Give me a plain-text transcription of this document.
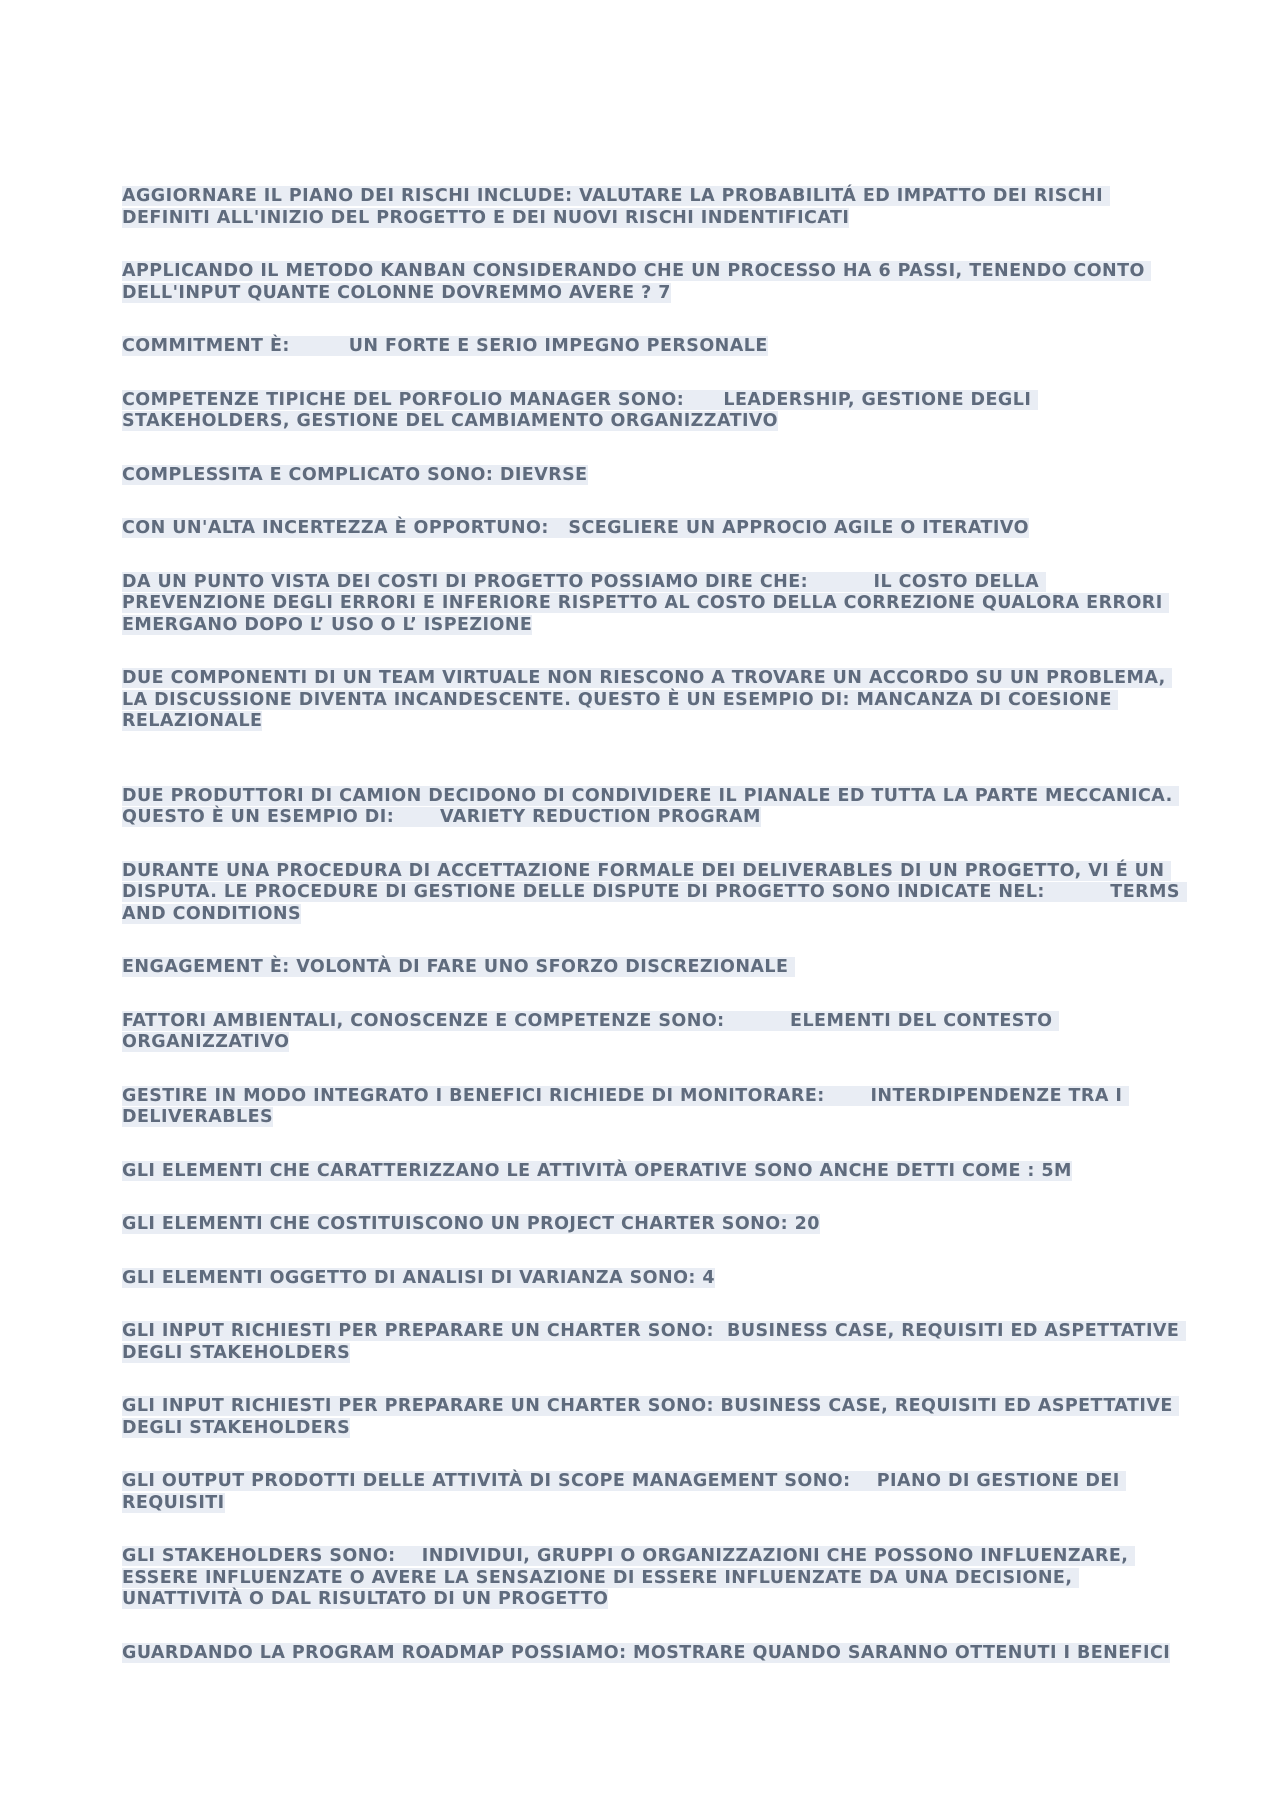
AGGIORNARE IL PIANO DEI RISCHI INCLUDE: VALUTARE LA PROBABILITÁ ED IMPATTO DEI RISCHI DEFINITI ALL'INIZIO DEL PROGETTO E DEI NUOVI RISCHI INDENTIFICATI

APPLICANDO IL METODO KANBAN CONSIDERANDO CHE UN PROCESSO HA 6 PASSI, TENENDO CONTO DELL'INPUT QUANTE COLONNE DOVREMMO AVERE ? 7

COMMITMENT È:         UN FORTE E SERIO IMPEGNO PERSONALE

COMPETENZE TIPICHE DEL PORFOLIO MANAGER SONO:      LEADERSHIP, GESTIONE DEGLI STAKEHOLDERS, GESTIONE DEL CAMBIAMENTO ORGANIZZATIVO

COMPLESSITA E COMPLICATO SONO: DIEVRSE

CON UN'ALTA INCERTEZZA È OPPORTUNO:   SCEGLIERE UN APPROCIO AGILE O ITERATIVO

DA UN PUNTO VISTA DEI COSTI DI PROGETTO POSSIAMO DIRE CHE:          IL COSTO DELLA PREVENZIONE DEGLI ERRORI E INFERIORE RISPETTO AL COSTO DELLA CORREZIONE QUALORA ERRORI EMERGANO DOPO L’ USO O L’ ISPEZIONE

DUE COMPONENTI DI UN TEAM VIRTUALE NON RIESCONO A TROVARE UN ACCORDO SU UN PROBLEMA, LA DISCUSSIONE DIVENTA INCANDESCENTE. QUESTO È UN ESEMPIO DI: MANCANZA DI COESIONE RELAZIONALE

DUE PRODUTTORI DI CAMION DECIDONO DI CONDIVIDERE IL PIANALE ED TUTTA LA PARTE MECCANICA. QUESTO È UN ESEMPIO DI:       VARIETY REDUCTION PROGRAM

DURANTE UNA PROCEDURA DI ACCETTAZIONE FORMALE DEI DELIVERABLES DI UN PROGETTO, VI É UN DISPUTA. LE PROCEDURE DI GESTIONE DELLE DISPUTE DI PROGETTO SONO INDICATE NEL:          TERMS AND CONDITIONS

ENGAGEMENT È: VOLONTÀ DI FARE UNO SFORZO DISCREZIONALE

FATTORI AMBIENTALI, CONOSCENZE E COMPETENZE SONO:          ELEMENTI DEL CONTESTO ORGANIZZATIVO

GESTIRE IN MODO INTEGRATO I BENEFICI RICHIEDE DI MONITORARE:       INTERDIPENDENZE TRA I DELIVERABLES

GLI ELEMENTI CHE CARATTERIZZANO LE ATTIVITÀ OPERATIVE SONO ANCHE DETTI COME : 5M

GLI ELEMENTI CHE COSTITUISCONO UN PROJECT CHARTER SONO: 20

GLI ELEMENTI OGGETTO DI ANALISI DI VARIANZA SONO: 4

GLI INPUT RICHIESTI PER PREPARARE UN CHARTER SONO:  BUSINESS CASE, REQUISITI ED ASPETTATIVE DEGLI STAKEHOLDERS

GLI INPUT RICHIESTI PER PREPARARE UN CHARTER SONO: BUSINESS CASE, REQUISITI ED ASPETTATIVE DEGLI STAKEHOLDERS

GLI OUTPUT PRODOTTI DELLE ATTIVITÀ DI SCOPE MANAGEMENT SONO:    PIANO DI GESTIONE DEI REQUISITI

GLI STAKEHOLDERS SONO:    INDIVIDUI, GRUPPI O ORGANIZZAZIONI CHE POSSONO INFLUENZARE, ESSERE INFLUENZATE O AVERE LA SENSAZIONE DI ESSERE INFLUENZATE DA UNA DECISIONE, UNATTIVITÀ O DAL RISULTATO DI UN PROGETTO

GUARDANDO LA PROGRAM ROADMAP POSSIAMO: MOSTRARE QUANDO SARANNO OTTENUTI I BENEFICI
